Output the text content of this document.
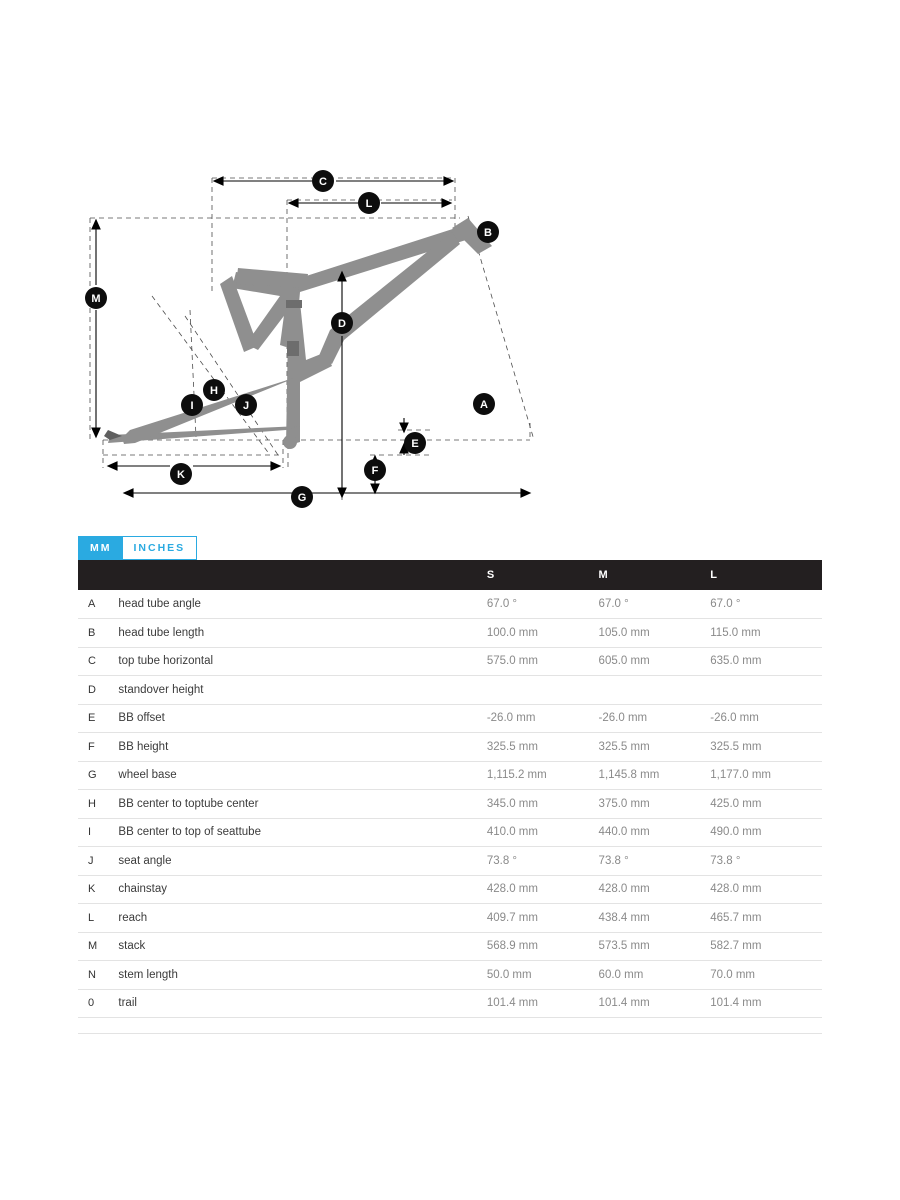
A
B
C
D
E
F
G
H
I	J
K
L
M
MM	INCHES
		S	M	L
A	head tube angle	67.0 °	67.0 °	67.0 °
B	head tube length	100.0 mm	105.0 mm	115.0 mm
C	top tube horizontal	575.0 mm	605.0 mm	635.0 mm
D	standover height			
E	BB offset	-26.0 mm	-26.0 mm	-26.0 mm
F	BB height	325.5 mm	325.5 mm	325.5 mm
G	wheel base	1,115.2 mm	1,145.8 mm	1,177.0 mm
H	BB center to toptube center	345.0 mm	375.0 mm	425.0 mm
I	BB center to top of seattube	410.0 mm	440.0 mm	490.0 mm
J	seat angle	73.8 °	73.8 °	73.8 °
K	chainstay	428.0 mm	428.0 mm	428.0 mm
L	reach	409.7 mm	438.4 mm	465.7 mm
M	stack	568.9 mm	573.5 mm	582.7 mm
N	stem length	50.0 mm	60.0 mm	70.0 mm
0	trail	101.4 mm	101.4 mm	101.4 mm
